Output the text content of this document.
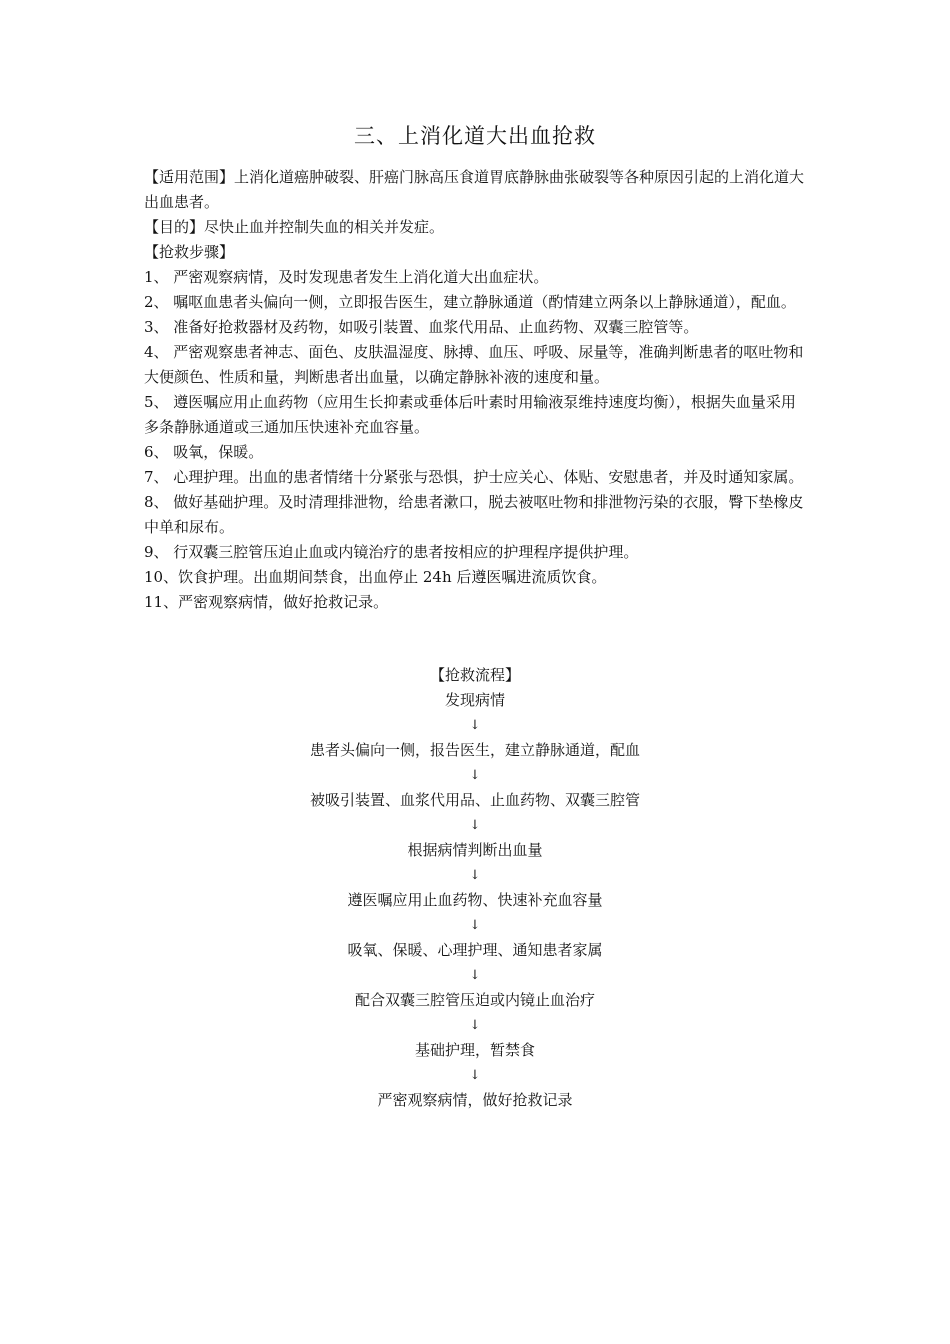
三、上消化道大出血抢救

【适用范围】上消化道癌肿破裂、肝癌门脉高压食道胃底静脉曲张破裂等各种原因引起的上消化道大出血患者。

【目的】尽快止血并控制失血的相关并发症。

【抢救步骤】

1、 严密观察病情，及时发现患者发生上消化道大出血症状。

2、 嘱呕血患者头偏向一侧，立即报告医生，建立静脉通道（酌情建立两条以上静脉通道），配血。

3、 准备好抢救器材及药物，如吸引装置、血浆代用品、止血药物、双囊三腔管等。

4、 严密观察患者神志、面色、皮肤温湿度、脉搏、血压、呼吸、尿量等，准确判断患者的呕吐物和大便颜色、性质和量，判断患者出血量，以确定静脉补液的速度和量。

5、 遵医嘱应用止血药物（应用生长抑素或垂体后叶素时用输液泵维持速度均衡），根据失血量采用多条静脉通道或三通加压快速补充血容量。

6、 吸氧，保暖。

7、 心理护理。出血的患者情绪十分紧张与恐惧，护士应关心、体贴、安慰患者，并及时通知家属。

8、 做好基础护理。及时清理排泄物，给患者漱口，脱去被呕吐物和排泄物污染的衣服，臀下垫橡皮中单和尿布。

9、 行双囊三腔管压迫止血或内镜治疗的患者按相应的护理程序提供护理。

10、饮食护理。出血期间禁食，出血停止 24h 后遵医嘱进流质饮食。

11、严密观察病情，做好抢救记录。

【抢救流程】
发现病情
↓
患者头偏向一侧，报告医生，建立静脉通道，配血
↓
被吸引装置、血浆代用品、止血药物、双囊三腔管
↓
根据病情判断出血量
↓
遵医嘱应用止血药物、快速补充血容量
↓
吸氧、保暖、心理护理、通知患者家属
↓
配合双囊三腔管压迫或内镜止血治疗
↓
基础护理，暂禁食
↓
严密观察病情，做好抢救记录
